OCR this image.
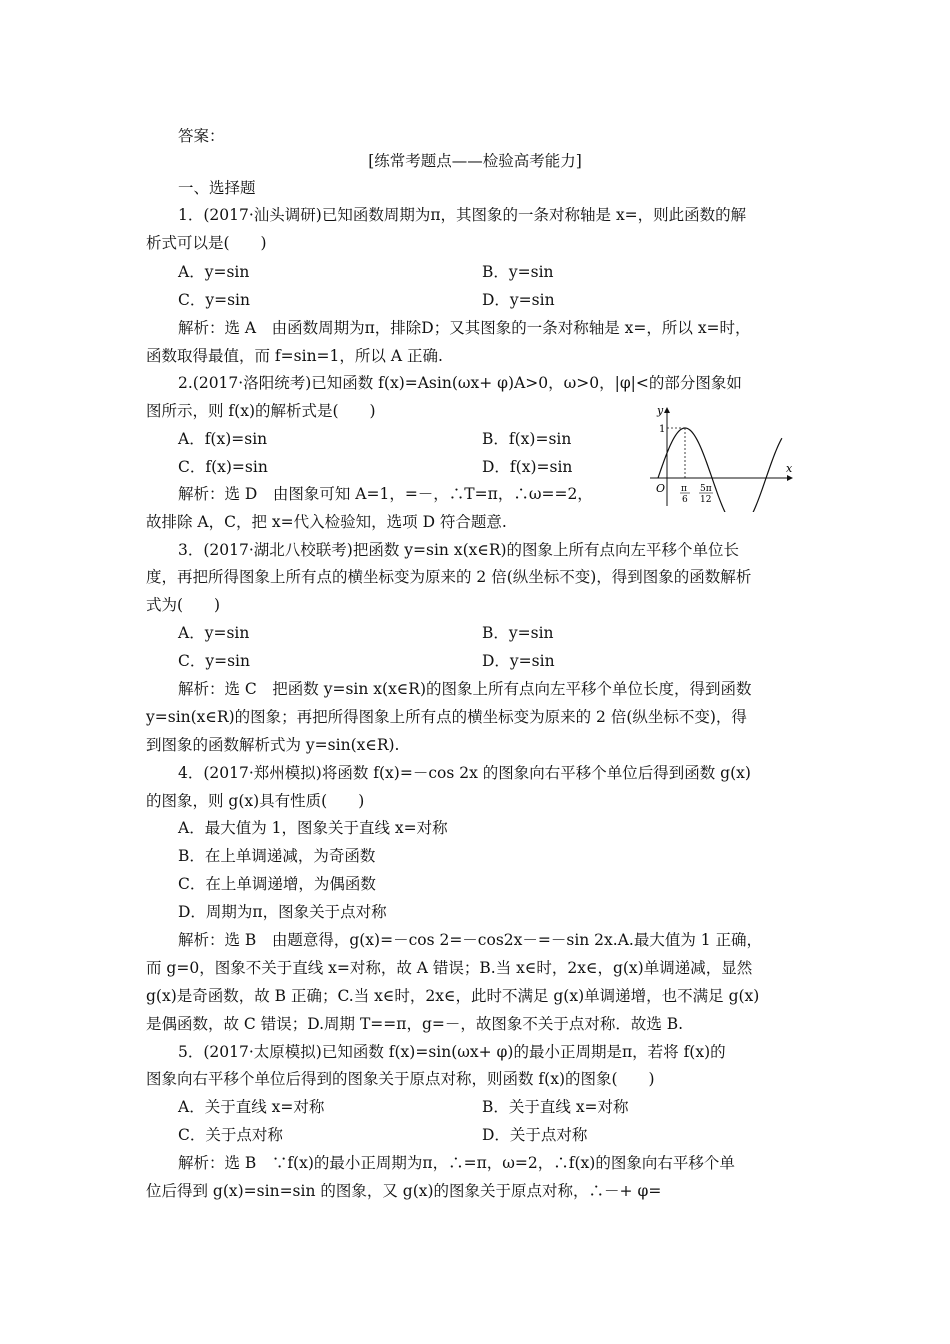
答案：
[练常考题点——检验高考能力]
一、选择题
1．(2017·汕头调研)已知函数周期为π，其图象的一条对称轴是 x=，则此函数的解
析式可以是(　　)
A．y=sin	B．y=sin
C．y=sin	D．y=sin
解析：选 A　由函数周期为π，排除D；又其图象的一条对称轴是 x=，所以 x=时，
函数取得最值，而 f=sin=1，所以 A 正确.
2.(2017·洛阳统考)已知函数 f(x)=Asin(ωx+ φ)A>0，ω>0，|φ|<的部分图象如
图所示，则 f(x)的解析式是(　　)
A．f(x)=sin	B．f(x)=sin
C．f(x)=sin	D．f(x)=sin
解析：选 D　由图象可知 A=1，=－，∴T=π，∴ω==2，
故排除 A，C，把 x=代入检验知，选项 D 符合题意.
y
x
O
1
π
6
5π
12
3．(2017·湖北八校联考)把函数 y=sin x(x∈R)的图象上所有点向左平移个单位长
度，再把所得图象上所有点的横坐标变为原来的 2 倍(纵坐标不变)，得到图象的函数解析
式为(　　)
A．y=sin	B．y=sin
C．y=sin	D．y=sin
解析：选 C　把函数 y=sin x(x∈R)的图象上所有点向左平移个单位长度，得到函数
y=sin(x∈R)的图象；再把所得图象上所有点的横坐标变为原来的 2 倍(纵坐标不变)，得
到图象的函数解析式为 y=sin(x∈R).
4．(2017·郑州模拟)将函数 f(x)=－cos 2x 的图象向右平移个单位后得到函数 g(x)
的图象，则 g(x)具有性质(　　)
A．最大值为 1，图象关于直线 x=对称
B．在上单调递减，为奇函数
C．在上单调递增，为偶函数
D．周期为π，图象关于点对称
解析：选 B　由题意得，g(x)=－cos 2=－cos2x－=－sin 2x.A.最大值为 1 正确，
而 g=0，图象不关于直线 x=对称，故 A 错误；B.当 x∈时，2x∈，g(x)单调递减，显然
g(x)是奇函数，故 B 正确；C.当 x∈时，2x∈，此时不满足 g(x)单调递增，也不满足 g(x)
是偶函数，故 C 错误；D.周期 T==π，g=－，故图象不关于点对称．故选 B.
5．(2017·太原模拟)已知函数 f(x)=sin(ωx+ φ)的最小正周期是π，若将 f(x)的
图象向右平移个单位后得到的图象关于原点对称，则函数 f(x)的图象(　　)
A．关于直线 x=对称	B．关于直线 x=对称
C．关于点对称	D．关于点对称
解析：选 B　∵f(x)的最小正周期为π，∴=π，ω=2，∴f(x)的图象向右平移个单
位后得到 g(x)=sin=sin 的图象，又 g(x)的图象关于原点对称，∴－+ φ=
